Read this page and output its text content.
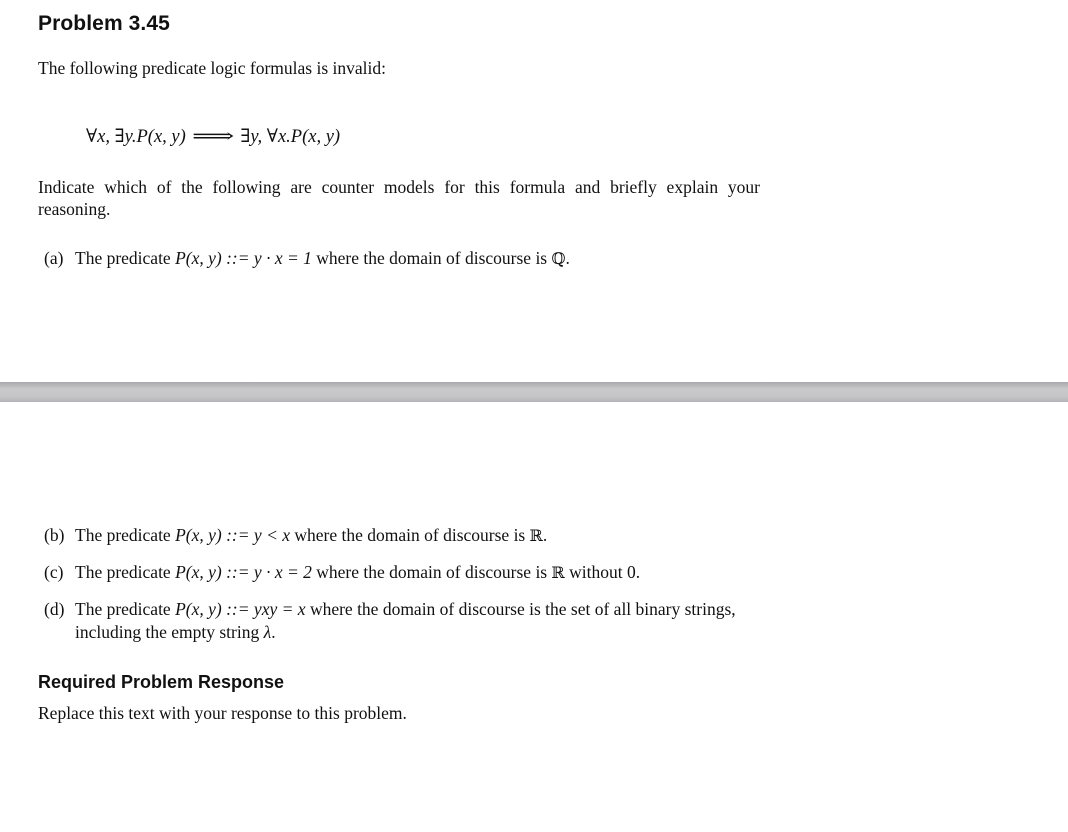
Problem 3.45

The following predicate logic formulas is invalid:

∀x, ∃y.P(x, y) ⟹ ∃y, ∀x.P(x, y)

Indicate which of the following are counter models for this formula and briefly explain your reasoning.

(a) The predicate P(x, y) ::= y · x = 1 where the domain of discourse is ℚ.
(b) The predicate P(x, y) ::= y < x where the domain of discourse is ℝ.
(c) The predicate P(x, y) ::= y · x = 2 where the domain of discourse is ℝ without 0.
(d) The predicate P(x, y) ::= yxy = x where the domain of discourse is the set of all binary strings,
including the empty string λ.
Required Problem Response

Replace this text with your response to this problem.
